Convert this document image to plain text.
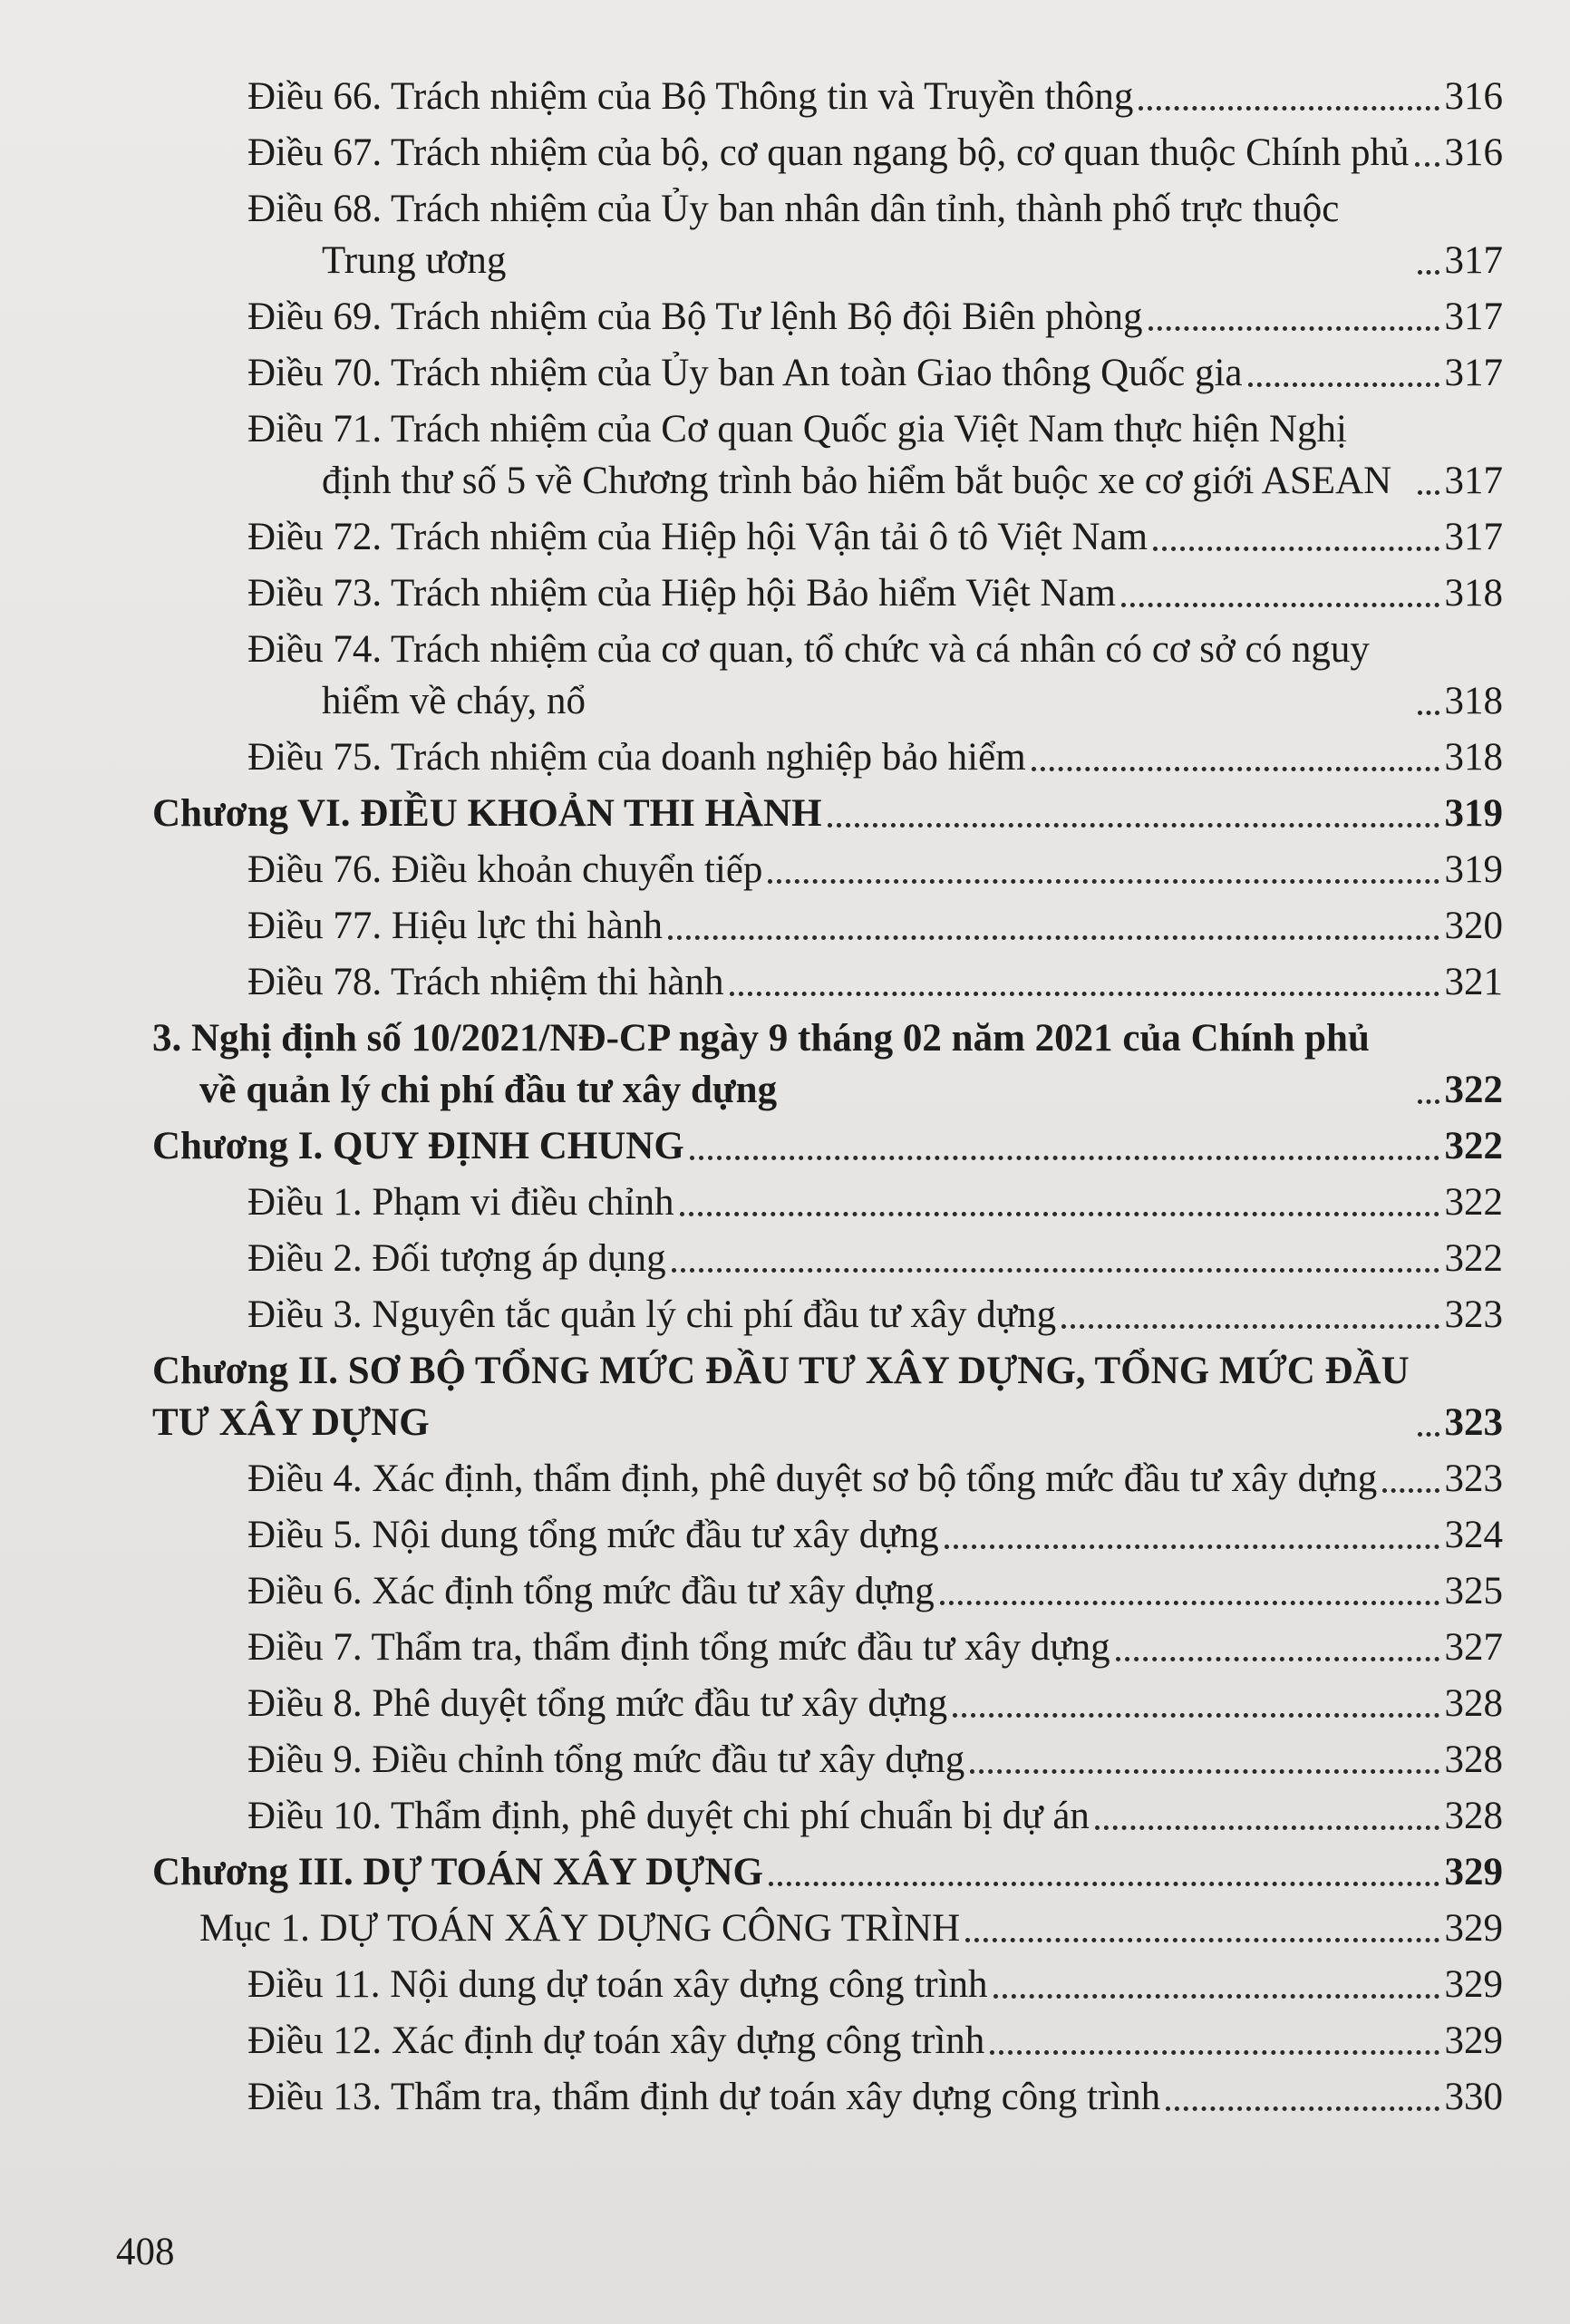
Điều 66. Trách nhiệm của Bộ Thông tin và Truyền thông	316
Điều 67. Trách nhiệm của bộ, cơ quan ngang bộ, cơ quan thuộc Chính phủ 316
Điều 68. Trách nhiệm của Ủy ban nhân dân tỉnh, thành phố trực thuộc Trung ương	317
Điều 69. Trách nhiệm của Bộ Tư lệnh Bộ đội Biên phòng	317
Điều 70. Trách nhiệm của Ủy ban An toàn Giao thông Quốc gia	317
Điều 71. Trách nhiệm của Cơ quan Quốc gia Việt Nam thực hiện Nghị định thư số 5 về Chương trình bảo hiểm bắt buộc xe cơ giới ASEAN	317
Điều 72. Trách nhiệm của Hiệp hội Vận tải ô tô Việt Nam	317
Điều 73. Trách nhiệm của Hiệp hội Bảo hiểm Việt Nam	318
Điều 74. Trách nhiệm của cơ quan, tổ chức và cá nhân có cơ sở có nguy hiểm về cháy, nổ	318
Điều 75. Trách nhiệm của doanh nghiệp bảo hiểm	318
Chương VI. ĐIỀU KHOẢN THI HÀNH	319
Điều 76. Điều khoản chuyển tiếp	319
Điều 77. Hiệu lực thi hành	320
Điều 78. Trách nhiệm thi hành	321
3. Nghị định số 10/2021/NĐ-CP ngày 9 tháng 02 năm 2021 của Chính phủ về quản lý chi phí đầu tư xây dựng	322
Chương I. QUY ĐỊNH CHUNG	322
Điều 1. Phạm vi điều chỉnh	322
Điều 2. Đối tượng áp dụng	322
Điều 3. Nguyên tắc quản lý chi phí đầu tư xây dựng	323
Chương II. SƠ BỘ TỔNG MỨC ĐẦU TƯ XÂY DỰNG, TỔNG MỨC ĐẦU TƯ XÂY DỰNG	323
Điều 4. Xác định, thẩm định, phê duyệt sơ bộ tổng mức đầu tư xây dựng 323
Điều 5. Nội dung tổng mức đầu tư xây dựng	324
Điều 6. Xác định tổng mức đầu tư xây dựng	325
Điều 7. Thẩm tra, thẩm định tổng mức đầu tư xây dựng	327
Điều 8. Phê duyệt tổng mức đầu tư xây dựng	328
Điều 9. Điều chỉnh tổng mức đầu tư xây dựng	328
Điều 10. Thẩm định, phê duyệt chi phí chuẩn bị dự án	328
Chương III. DỰ TOÁN XÂY DỰNG	329
Mục 1. DỰ TOÁN XÂY DỰNG CÔNG TRÌNH	329
Điều 11. Nội dung dự toán xây dựng công trình	329
Điều 12. Xác định dự toán xây dựng công trình	329
Điều 13. Thẩm tra, thẩm định dự toán xây dựng công trình	330
408
